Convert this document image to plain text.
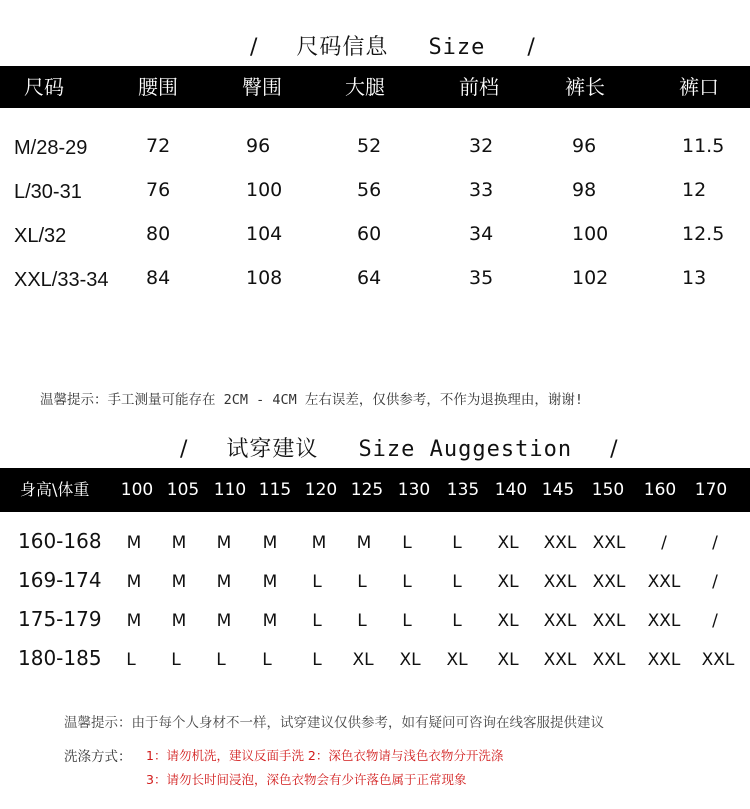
/ 尺码信息 Size /
尺码	腰围	臀围	大腿	前档	裤长	裤口
M/28-29	72	96	52	32	96	11.5
L/30-31	76	100	56	33	98	12
XL/32	80	104	60	34	100	12.5
XXL/33-34 84	108	64	35	102	13
温馨提示：手工测量可能存在 2CM - 4CM 左右误差，仅供参考，不作为退换理由，谢谢!
/ 试穿建议 Size Auggestion /
身高\体重 100 105 110 115 120 125 130 135 140 145 150 160 170
160-168 M M M M M M L L XL XXL XXL /	/
169-174 M M M M L L L L XL XXL XXL XXL /
175-179 M M M M L L L L XL XXL XXL XXL /
180-185 L L L L L XL XL XL XL XXL XXL XXL XXL
温馨提示：由于每个人身材不一样，试穿建议仅供参考，如有疑问可咨询在线客服提供建议
洗涤方式： 1：请勿机洗，建议反面手洗 2：深色衣物请与浅色衣物分开洗涤
3：请勿长时间浸泡，深色衣物会有少许落色属于正常现象
